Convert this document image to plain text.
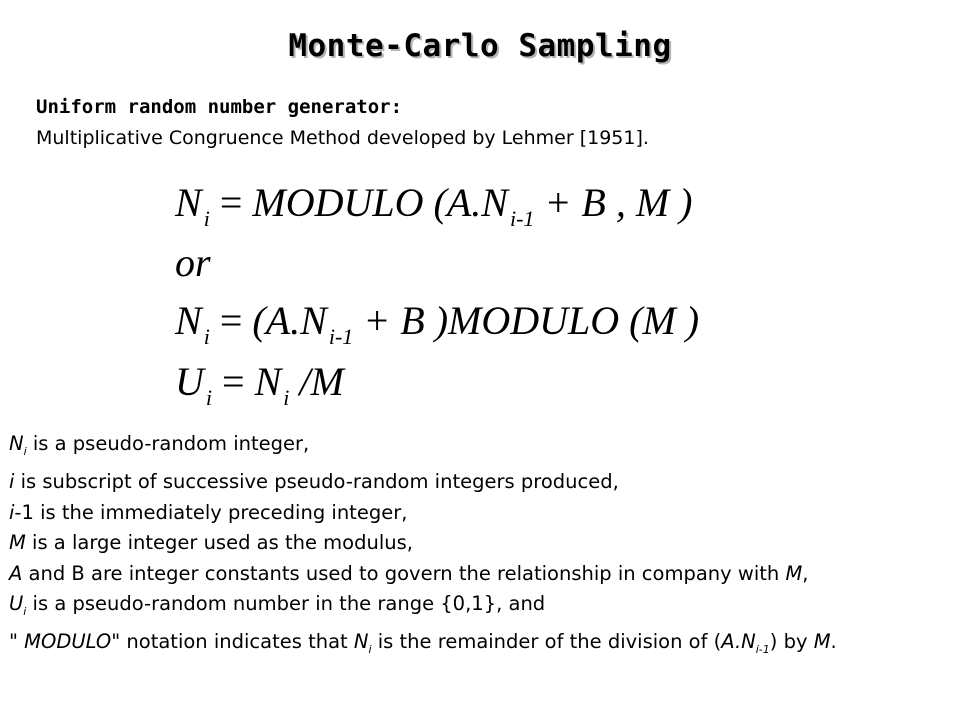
Monte-Carlo Sampling
Uniform random number generator:
Multiplicative Congruence Method developed by Lehmer [1951].
$N_i$ = MODULO ($A.N_{i-1} + B$ , M )
or
$N_i = (A.N_{i-1} + B$ )MODULO (M )
$U_i = N_i$ /M

$N_i$ is a pseudo-random integer,

i is subscript of successive pseudo-random integers produced,

i-1 is the immediately preceding integer,

M is a large integer used as the modulus,

A and B are integer constants used to govern the relationship in company with M,

$U_i$ is a pseudo-random number in the range {0,1}, and

" MODULO" notation indicates that $N_i$ is the remainder of the division of $(A.N_{i-1})$ by M.
